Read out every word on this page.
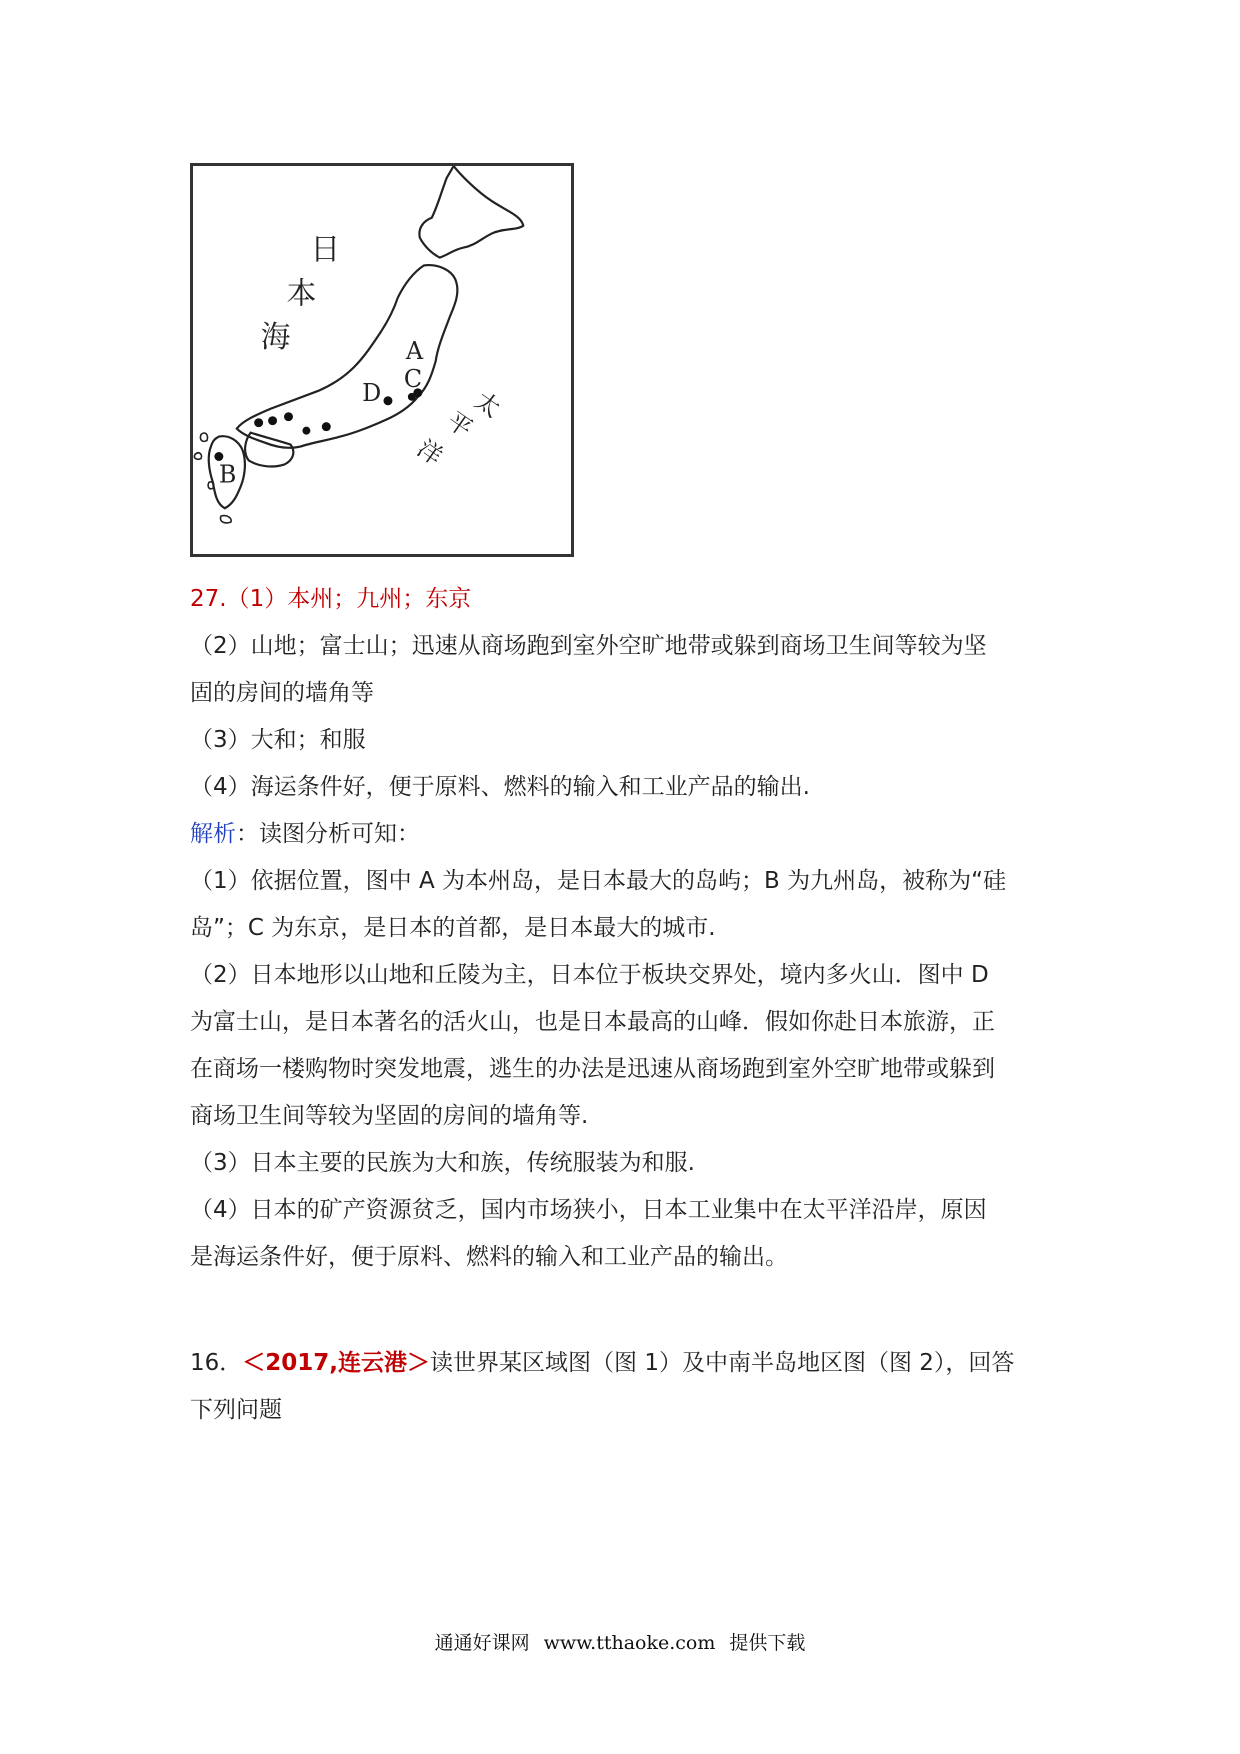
日
本
海	A
C
D
B
太
平
洋
27.（1）本州；九州；东京
（2）山地；富士山；迅速从商场跑到室外空旷地带或躲到商场卫生间等较为坚
固的房间的墙角等
（3）大和；和服
（4）海运条件好，便于原料、燃料的输入和工业产品的输出.
解析：读图分析可知：
（1）依据位置，图中 A 为本州岛，是日本最大的岛屿；B 为九州岛，被称为“硅
岛”；C 为东京，是日本的首都，是日本最大的城市.
（2）日本地形以山地和丘陵为主，日本位于板块交界处，境内多火山．图中 D
为富士山，是日本著名的活火山，也是日本最高的山峰．假如你赴日本旅游，正
在商场一楼购物时突发地震，逃生的办法是迅速从商场跑到室外空旷地带或躲到
商场卫生间等较为坚固的房间的墙角等.
（3）日本主要的民族为大和族，传统服装为和服.
（4）日本的矿产资源贫乏，国内市场狭小，日本工业集中在太平洋沿岸，原因
是海运条件好，便于原料、燃料的输入和工业产品的输出。
16．＜2017,连云港＞读世界某区域图（图 1）及中南半岛地区图（图 2），回答
下列问题
通通好课网 www.tthaoke.com 提供下载
